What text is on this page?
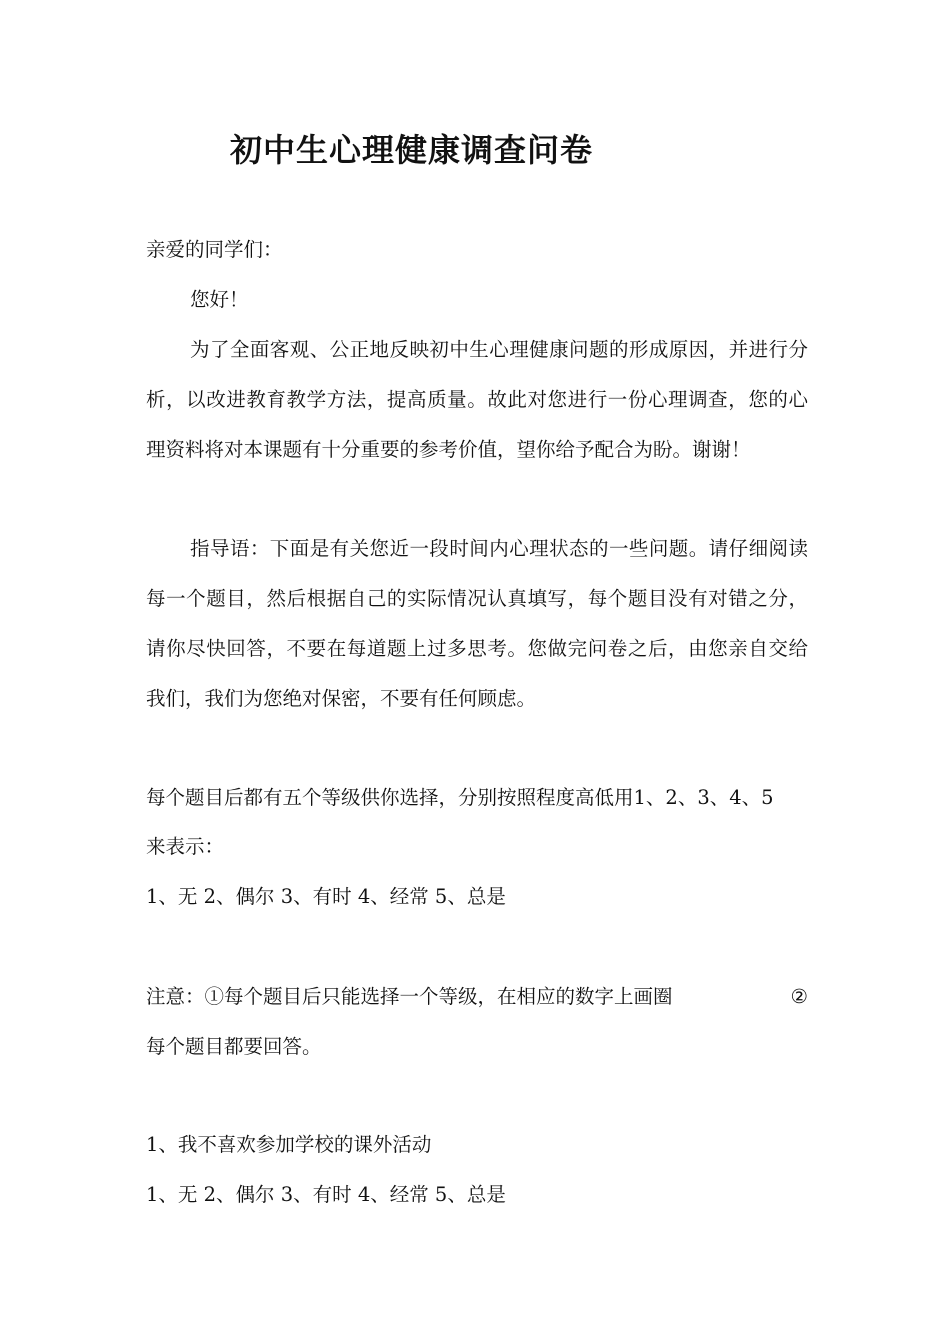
初中生心理健康调查问卷
亲爱的同学们：
您好！
为了全面客观、公正地反映初中生心理健康问题的形成原因，并进行分析，以改进教育教学方法，提高质量。故此对您进行一份心理调查，您的心理资料将对本课题有十分重要的参考价值，望你给予配合为盼。谢谢！
指导语：下面是有关您近一段时间内心理状态的一些问题。请仔细阅读每一个题目，然后根据自己的实际情况认真填写，每个题目没有对错之分，请你尽快回答，不要在每道题上过多思考。您做完问卷之后，由您亲自交给我们，我们为您绝对保密，不要有任何顾虑。
每个题目后都有五个等级供你选择，分别按照程度高低用1、2、3、4、5
来表示：
1、无 2、偶尔 3、有时 4、经常 5、总是
注意：①每个题目后只能选择一个等级，在相应的数字上画圈	②
每个题目都要回答。
1、我不喜欢参加学校的课外活动
1、无 2、偶尔 3、有时 4、经常 5、总是
